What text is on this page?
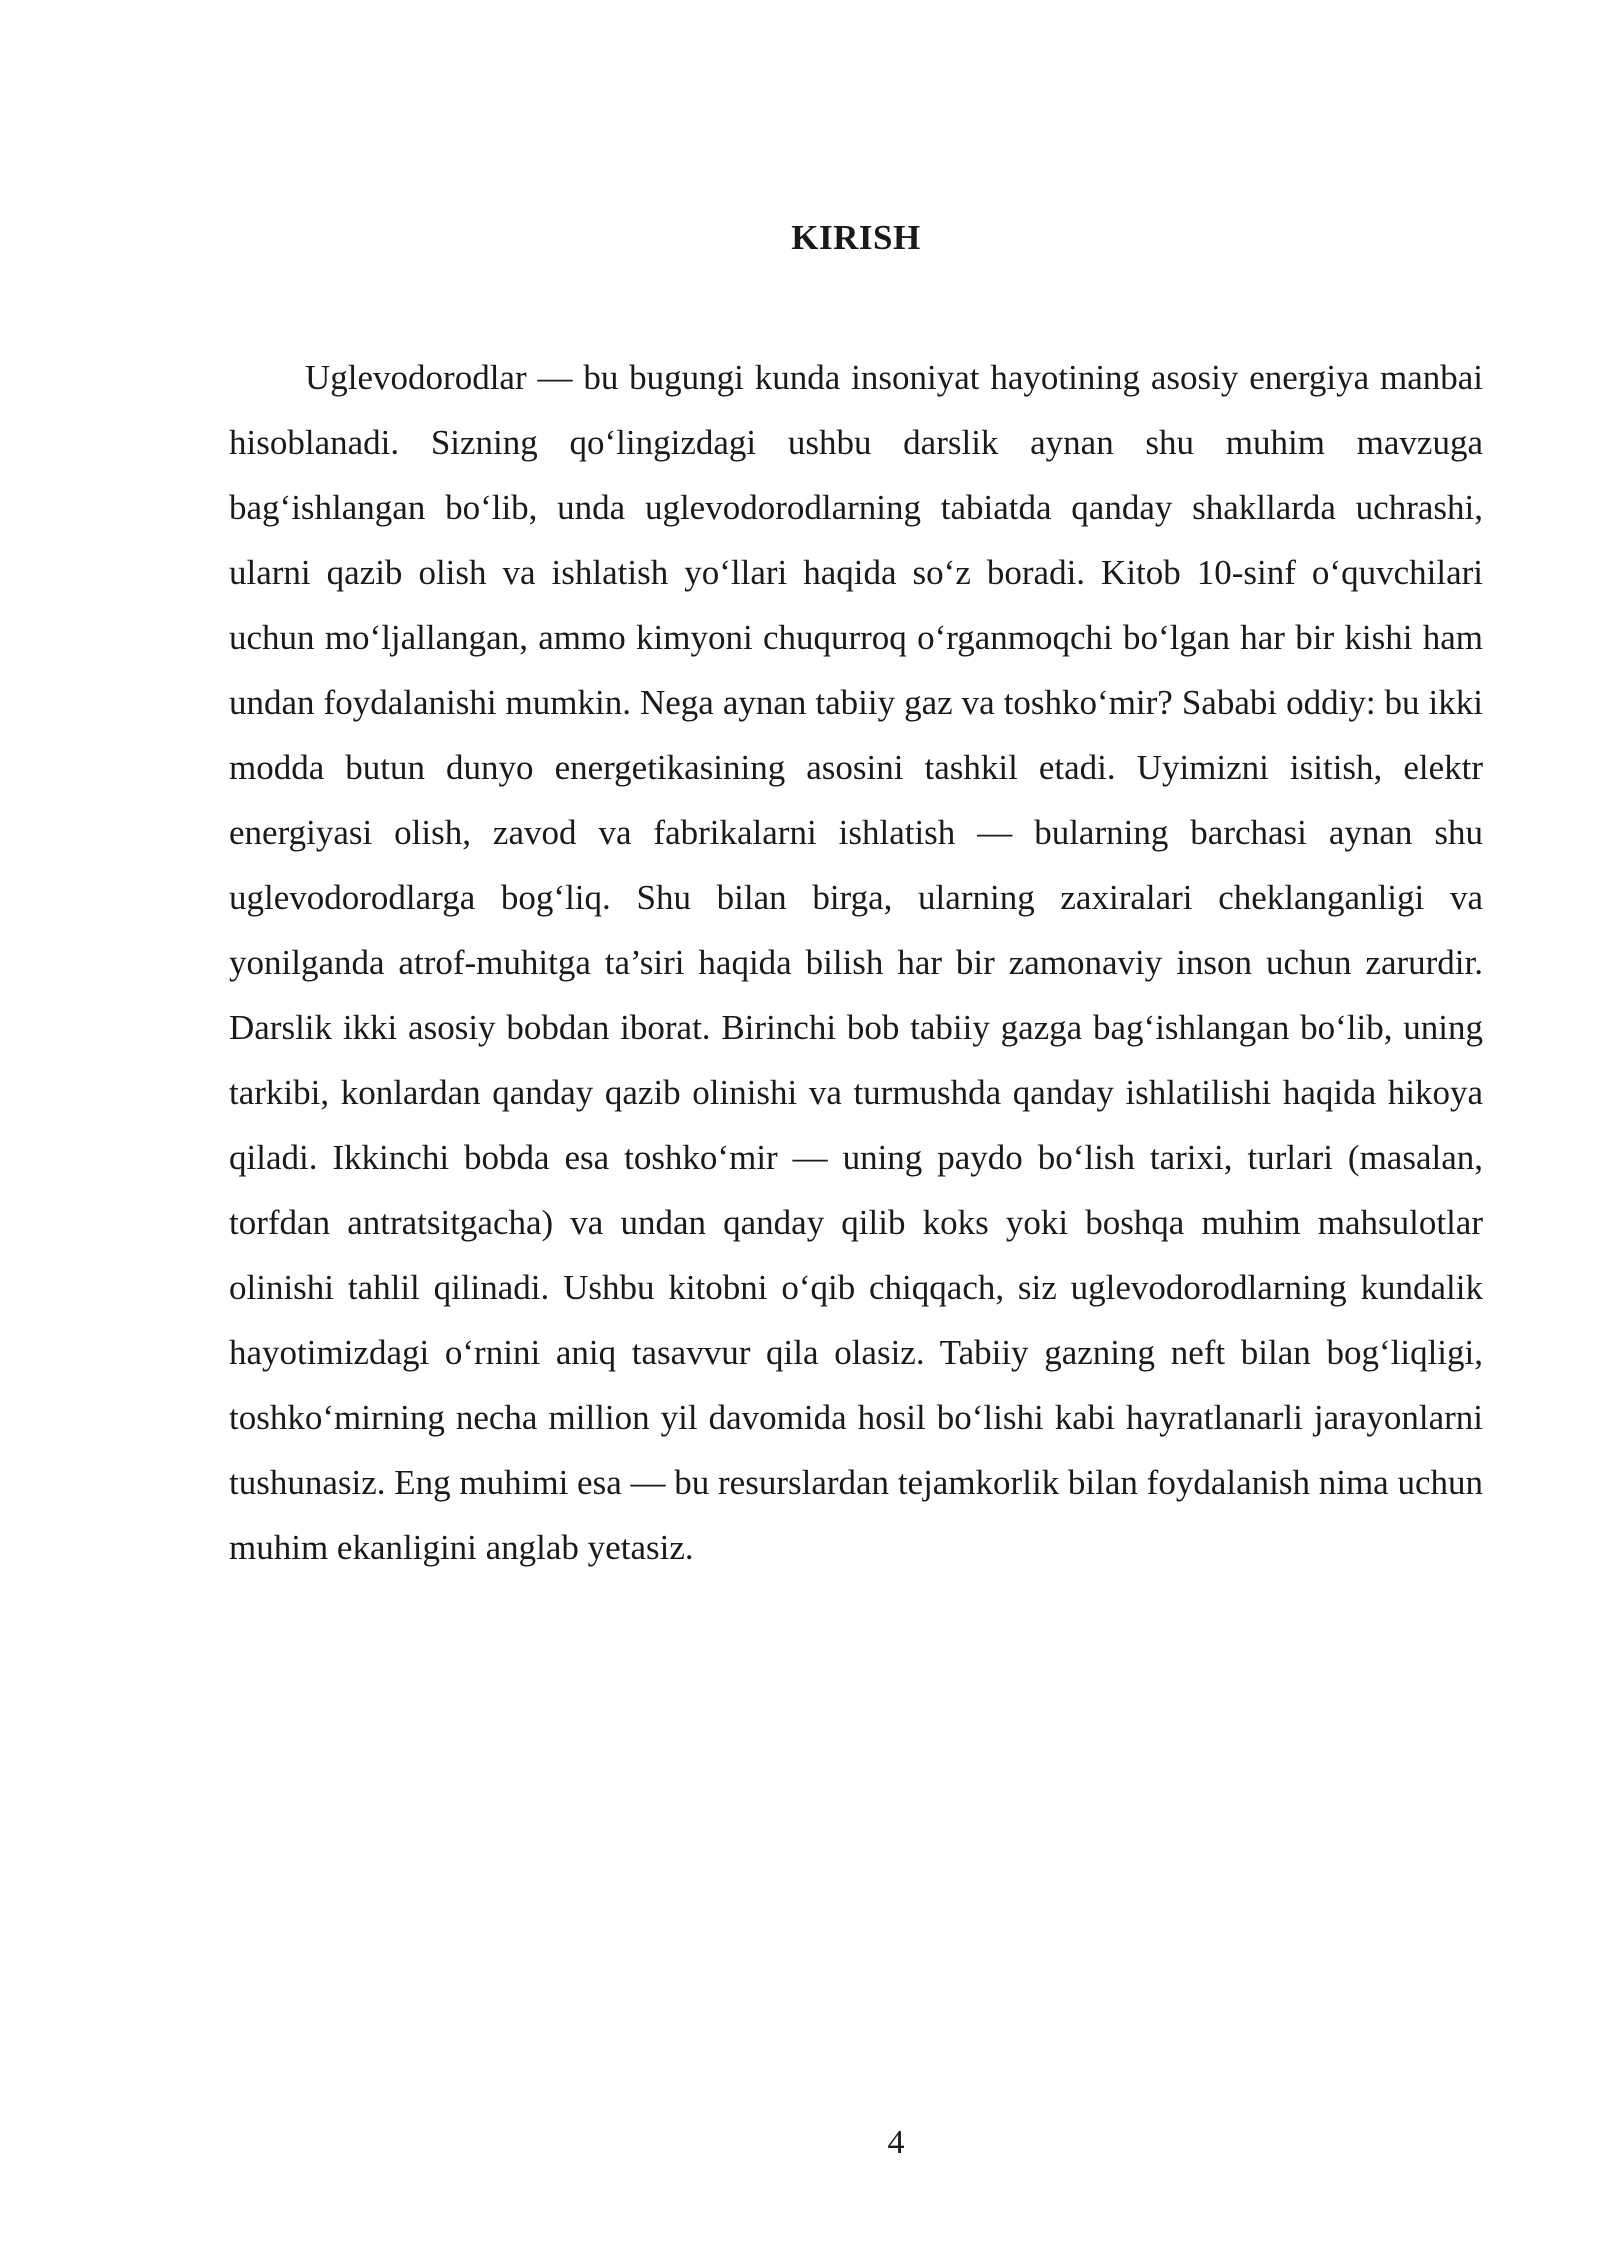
KIRISH

Uglevodorodlar — bu bugungi kunda insoniyat hayotining asosiy energiya manbai hisoblanadi. Sizning qo‘lingizdagi ushbu darslik aynan shu muhim mavzuga bag‘ishlangan bo‘lib, unda uglevodorodlarning tabiatda qanday shakllarda uchrashi, ularni qazib olish va ishlatish yo‘llari haqida so‘z boradi. Kitob 10-sinf o‘quvchilari uchun mo‘ljallangan, ammo kimyoni chuqurroq o‘rganmoqchi bo‘lgan har bir kishi ham undan foydalanishi mumkin. Nega aynan tabiiy gaz va toshko‘mir? Sababi oddiy: bu ikki modda butun dunyo energetikasining asosini tashkil etadi. Uyimizni isitish, elektr energiyasi olish, zavod va fabrikalarni ishlatish — bularning barchasi aynan shu uglevodorodlarga bog‘liq. Shu bilan birga, ularning zaxiralari cheklanganligi va yonilganda atrof-muhitga ta’siri haqida bilish har bir zamonaviy inson uchun zarurdir. Darslik ikki asosiy bobdan iborat. Birinchi bob tabiiy gazga bag‘ishlangan bo‘lib, uning tarkibi, konlardan qanday qazib olinishi va turmushda qanday ishlatilishi haqida hikoya qiladi. Ikkinchi bobda esa toshko‘mir — uning paydo bo‘lish tarixi, turlari (masalan, torfdan antratsitgacha) va undan qanday qilib koks yoki boshqa muhim mahsulotlar olinishi tahlil qilinadi. Ushbu kitobni o‘qib chiqqach, siz uglevodorodlarning kundalik hayotimizdagi o‘rnini aniq tasavvur qila olasiz. Tabiiy gazning neft bilan bog‘liqligi, toshko‘mirning necha million yil davomida hosil bo‘lishi kabi hayratlanarli jarayonlarni tushunasiz. Eng muhimi esa — bu resurslardan tejamkorlik bilan foydalanish nima uchun muhim ekanligini anglab yetasiz.

4
